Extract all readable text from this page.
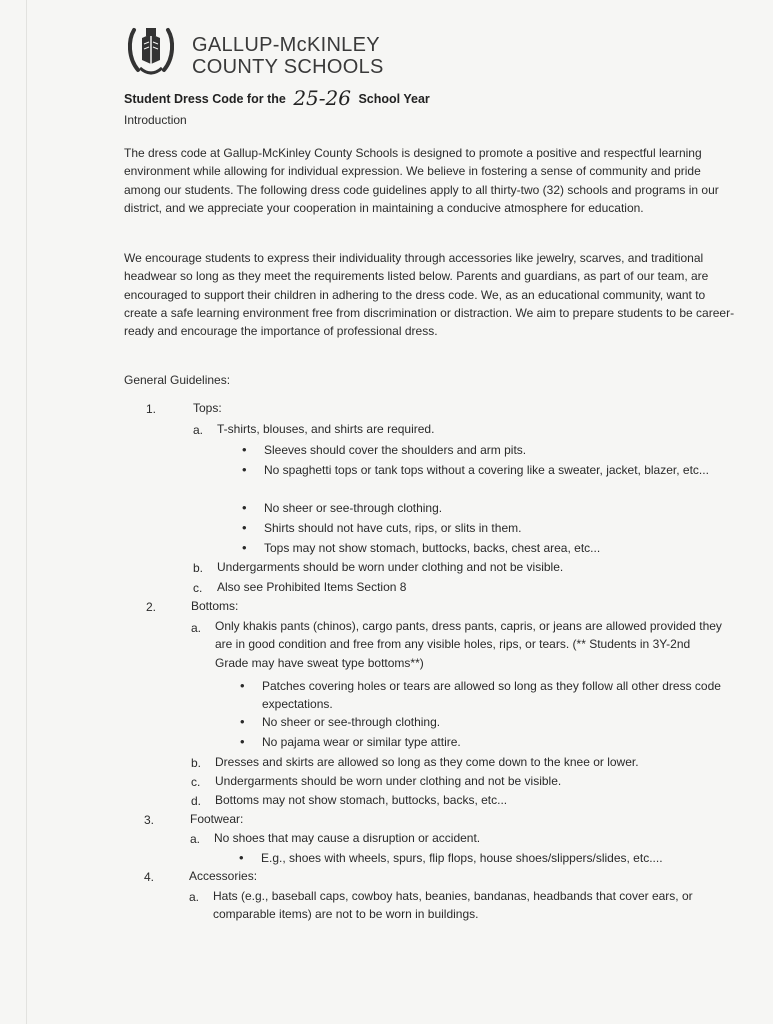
GALLUP-McKINLEY
COUNTY SCHOOLS
Student Dress Code for the 25-26 School Year
Introduction
The dress code at Gallup-McKinley County Schools is designed to promote a positive and respectful learning environment while allowing for individual expression. We believe in fostering a sense of community and pride among our students. The following dress code guidelines apply to all thirty-two (32) schools and programs in our district, and we appreciate your cooperation in maintaining a conducive atmosphere for education.
We encourage students to express their individuality through accessories like jewelry, scarves, and traditional headwear so long as they meet the requirements listed below. Parents and guardians, as part of our team, are encouraged to support their children in adhering to the dress code. We, as an educational community, want to create a safe learning environment free from discrimination or distraction. We aim to prepare students to be career-ready and encourage the importance of professional dress.
General Guidelines:
1.	Tops:
a. T-shirts, blouses, and shirts are required.
• Sleeves should cover the shoulders and arm pits.
• No spaghetti tops or tank tops without a covering like a sweater, jacket, blazer, etc...
• No sheer or see-through clothing.
• Shirts should not have cuts, rips, or slits in them.
• Tops may not show stomach, buttocks, backs, chest area, etc...
b. Undergarments should be worn under clothing and not be visible.
c. Also see Prohibited Items Section 8
2.	Bottoms:
a. Only khakis pants (chinos), cargo pants, dress pants, capris, or jeans are allowed provided they are in good condition and free from any visible holes, rips, or tears. (** Students in 3Y-2nd Grade may have sweat type bottoms**)
• Patches covering holes or tears are allowed so long as they follow all other dress code expectations.
• No sheer or see-through clothing.
• No pajama wear or similar type attire.
b. Dresses and skirts are allowed so long as they come down to the knee or lower.
c. Undergarments should be worn under clothing and not be visible.
d. Bottoms may not show stomach, buttocks, backs, etc...
3.	Footwear:
a. No shoes that may cause a disruption or accident.
• E.g., shoes with wheels, spurs, flip flops, house shoes/slippers/slides, etc....
4.	Accessories:
a. Hats (e.g., baseball caps, cowboy hats, beanies, bandanas, headbands that cover ears, or comparable items) are not to be worn in buildings.
